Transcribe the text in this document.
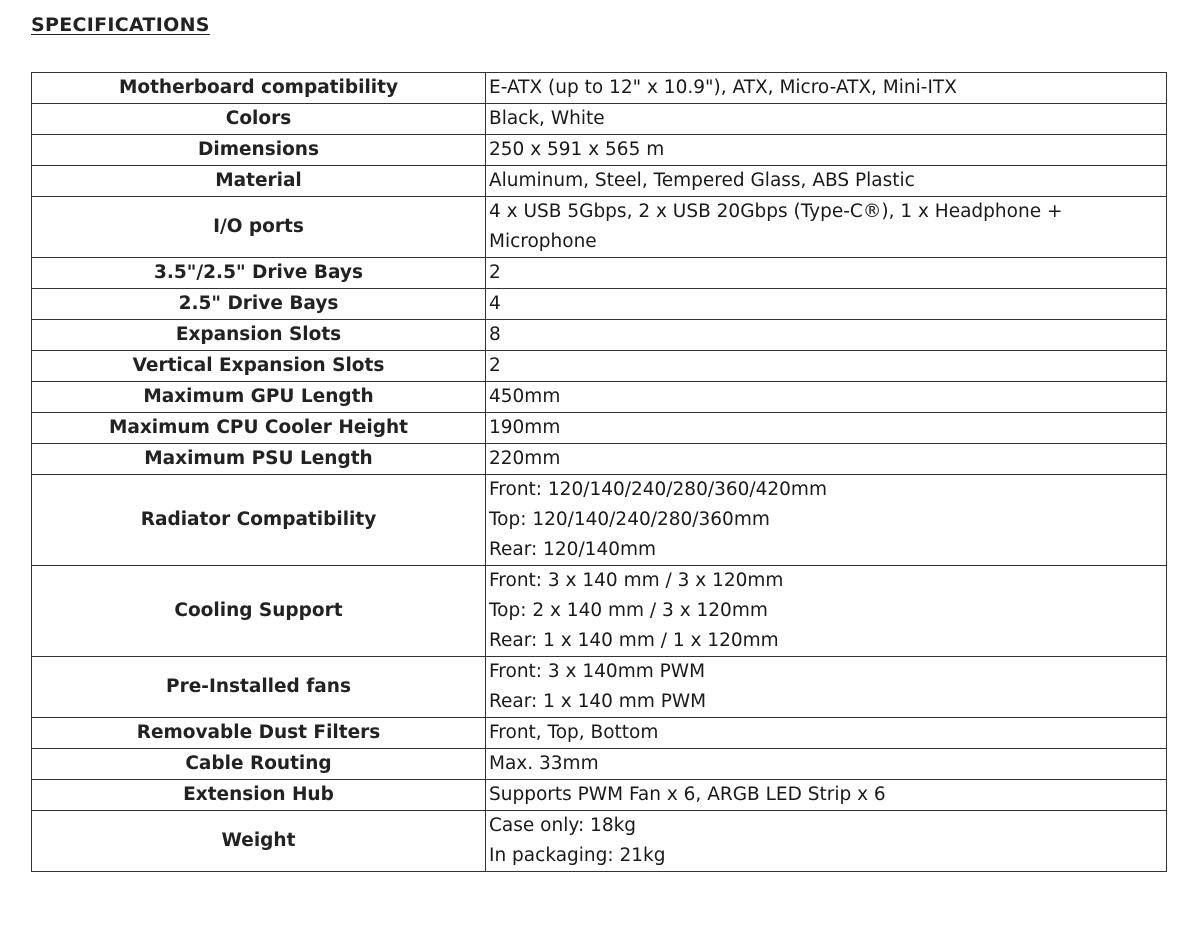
SPECIFICATIONS
Motherboard compatibility	E-ATX (up to 12" x 10.9"), ATX, Micro-ATX, Mini-ITX

Colors	Black, White

Dimensions	250 x 591 x 565 m

Material	Aluminum, Steel, Tempered Glass, ABS Plastic

I/O ports	4 x USB 5Gbps, 2 x USB 20Gbps (Type-C®), 1 x Headphone +
Microphone

3.5"/2.5" Drive Bays	2

2.5" Drive Bays	4

Expansion Slots	8

Vertical Expansion Slots	2

Maximum GPU Length	450mm

Maximum CPU Cooler Height	190mm

Maximum PSU Length	220mm

Radiator Compatibility	Front: 120/140/240/280/360/420mm
Top: 120/140/240/280/360mm
Rear: 120/140mm

Cooling Support	Front: 3 x 140 mm / 3 x 120mm
Top: 2 x 140 mm / 3 x 120mm
Rear: 1 x 140 mm / 1 x 120mm

Pre-Installed fans	Front: 3 x 140mm PWM
Rear: 1 x 140 mm PWM

Removable Dust Filters	Front, Top, Bottom

Cable Routing	Max. 33mm

Extension Hub	Supports PWM Fan x 6, ARGB LED Strip x 6

Weight	Case only: 18kg
In packaging: 21kg
